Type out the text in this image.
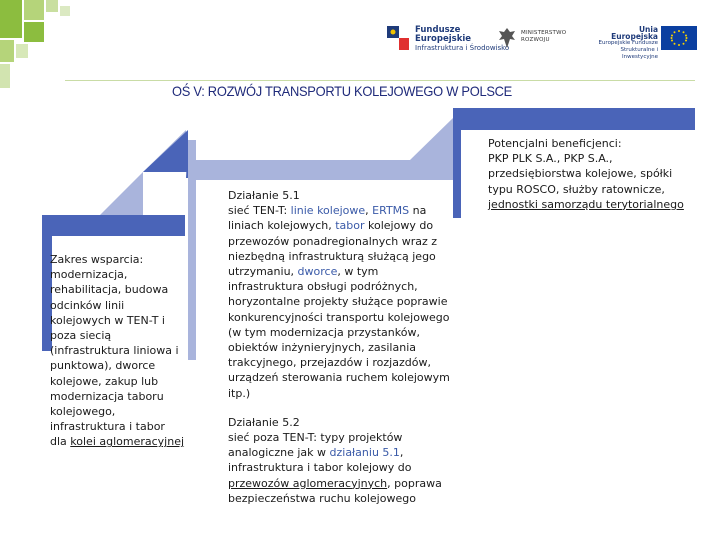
Fundusze
Europejskie
Infrastruktura i Środowisko
MINISTERSTWO
ROZWOJU
Unia Europejska
Europejskie Fundusze
Strukturalne i Inwestycyjne
OŚ V: ROZWÓJ TRANSPORTU KOLEJOWEGO W POLSCE
Zakres wsparcia: modernizacja, rehabilitacja, budowa odcinków linii kolejowych w TEN-T i poza siecią (infrastruktura liniowa i punktowa), dworce kolejowe, zakup lub modernizacja taboru kolejowego, infrastruktura i tabor dla kolei aglomeracyjnej
Działanie 5.1
sieć TEN-T: linie kolejowe, ERTMS na liniach kolejowych, tabor kolejowy do przewozów ponadregionalnych wraz z niezbędną infrastrukturą służącą jego utrzymaniu, dworce, w tym infrastruktura obsługi podróżnych, horyzontalne projekty służące poprawie konkurencyjności transportu kolejowego (w tym modernizacja przystanków, obiektów inżynieryjnych, zasilania trakcyjnego, przejazdów i rozjazdów, urządzeń sterowania ruchem kolejowym itp.)
Działanie 5.2
sieć poza TEN-T: typy projektów analogiczne jak w działaniu 5.1, infrastruktura i tabor kolejowy do przewozów aglomeracyjnych, poprawa bezpieczeństwa ruchu kolejowego
Potencjalni beneficjenci:
PKP PLK S.A., PKP S.A., przedsiębiorstwa kolejowe, spółki typu ROSCO, służby ratownicze, jednostki samorządu terytorialnego
